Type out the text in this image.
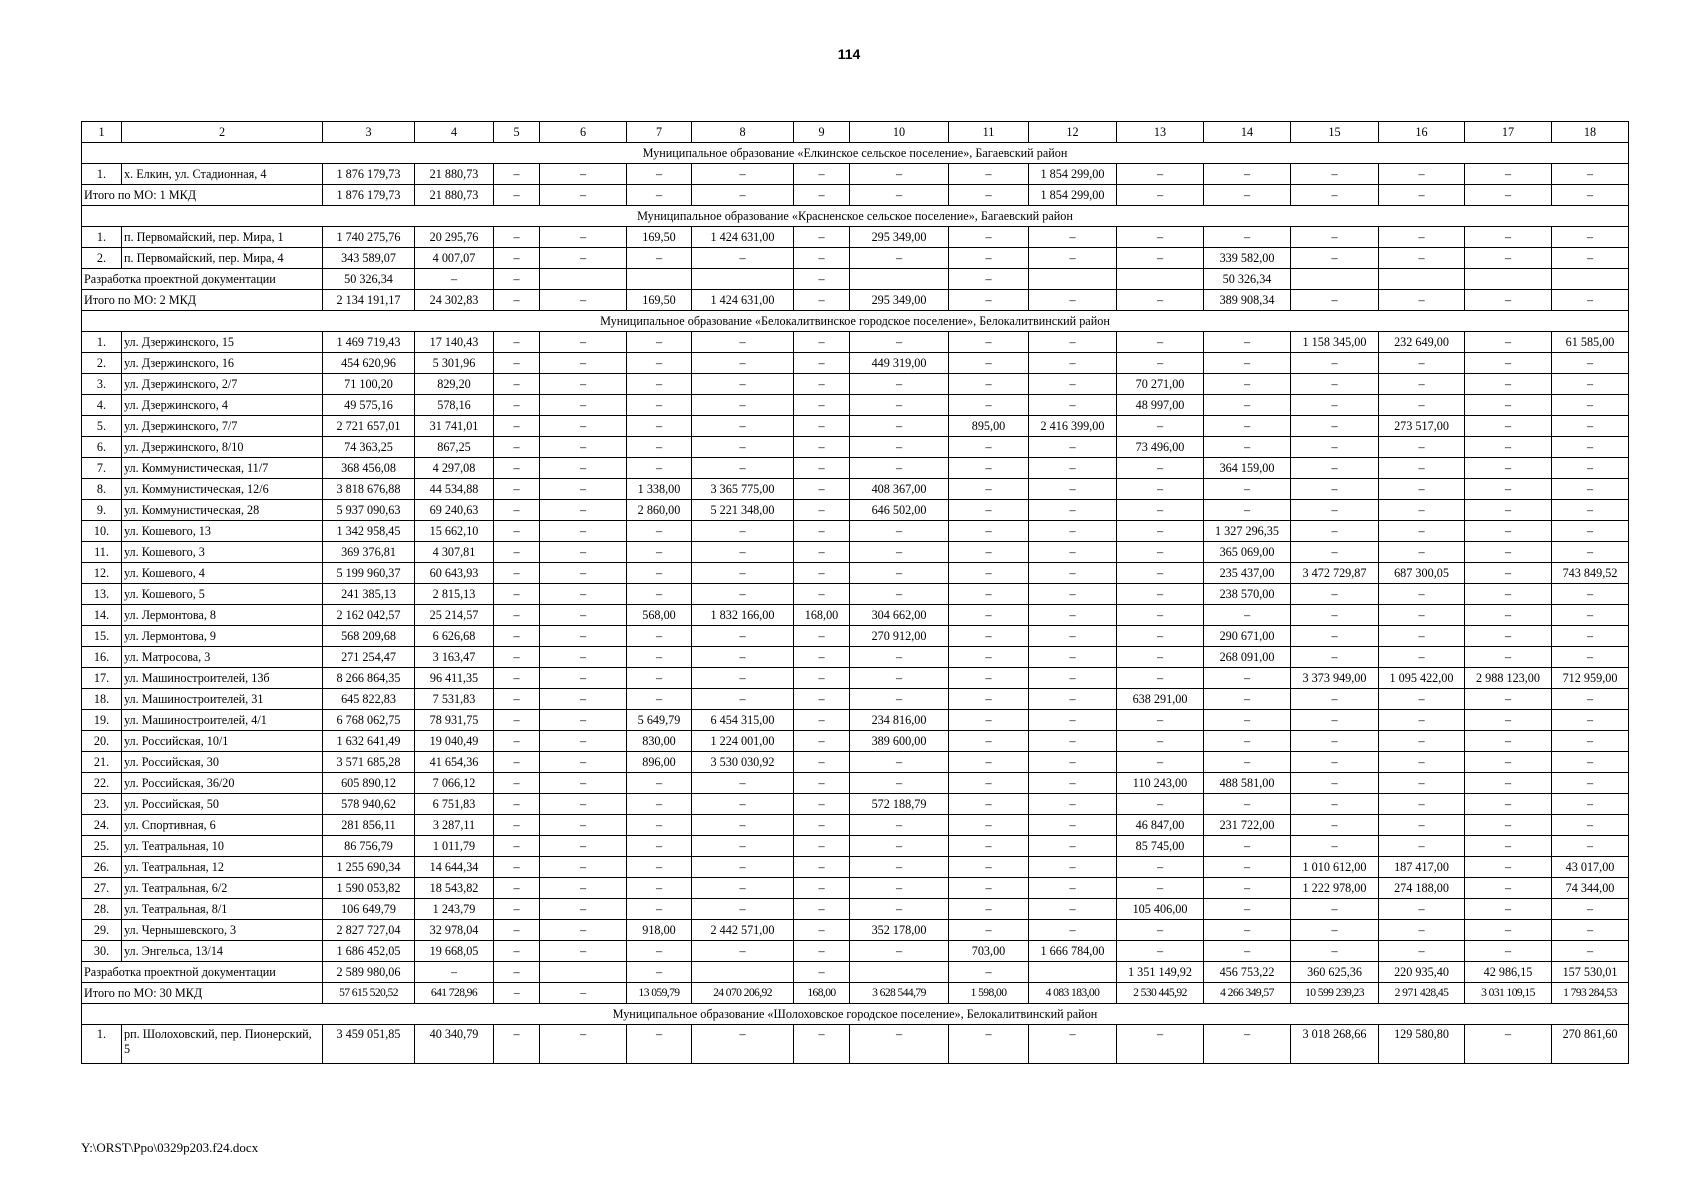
114
1	2	3	4	5	6	7	8	9	10	11	12	13	14	15	16	17	18
Муниципальное образование «Елкинское сельское поселение», Багаевский район																	
1.	х. Елкин, ул. Стадионная, 4	1 876 179,73	21 880,73	–	–	–	–	–	–	–	1 854 299,00	–	–	–	–	–	–
Итого по МО: 1 МКД		1 876 179,73	21 880,73	–	–	–	–	–	–	–	1 854 299,00	–	–	–	–	–	–
Муниципальное образование «Красненское сельское поселение», Багаевский район																	
1.	п. Первомайский, пер. Мира, 1	1 740 275,76	20 295,76	–	–	169,50	1 424 631,00	–	295 349,00	–	–	–	–	–	–	–	–
2.	п. Первомайский, пер. Мира, 4	343 589,07	4 007,07	–	–	–	–	–	–	–	–	–	339 582,00	–	–	–	–
Разработка проектной документации		50 326,34	–	–				–		–			50 326,34				
Итого по МО: 2 МКД		2 134 191,17	24 302,83	–	–	169,50	1 424 631,00	–	295 349,00	–	–	–	389 908,34	–	–	–	–
Муниципальное образование «Белокалитвинское городское поселение», Белокалитвинский район																	
1.	ул. Дзержинского, 15	1 469 719,43	17 140,43	–	–	–	–	–	–	–	–	–	–	1 158 345,00	232 649,00	–	61 585,00
2.	ул. Дзержинского, 16	454 620,96	5 301,96	–	–	–	–	–	449 319,00	–	–	–	–	–	–	–	–
3.	ул. Дзержинского, 2/7	71 100,20	829,20	–	–	–	–	–	–	–	–	70 271,00	–	–	–	–	–
4.	ул. Дзержинского, 4	49 575,16	578,16	–	–	–	–	–	–	–	–	48 997,00	–	–	–	–	–
5.	ул. Дзержинского, 7/7	2 721 657,01	31 741,01	–	–	–	–	–	–	895,00	2 416 399,00	–	–	–	273 517,00	–	–
6.	ул. Дзержинского, 8/10	74 363,25	867,25	–	–	–	–	–	–	–	–	73 496,00	–	–	–	–	–
7.	ул. Коммунистическая, 11/7	368 456,08	4 297,08	–	–	–	–	–	–	–	–	–	364 159,00	–	–	–	–
8.	ул. Коммунистическая, 12/6	3 818 676,88	44 534,88	–	–	1 338,00	3 365 775,00	–	408 367,00	–	–	–	–	–	–	–	–
9.	ул. Коммунистическая, 28	5 937 090,63	69 240,63	–	–	2 860,00	5 221 348,00	–	646 502,00	–	–	–	–	–	–	–	–
10.	ул. Кошевого, 13	1 342 958,45	15 662,10	–	–	–	–	–	–	–	–	–	1 327 296,35	–	–	–	–
11.	ул. Кошевого, 3	369 376,81	4 307,81	–	–	–	–	–	–	–	–	–	365 069,00	–	–	–	–
12.	ул. Кошевого, 4	5 199 960,37	60 643,93	–	–	–	–	–	–	–	–	–	235 437,00	3 472 729,87	687 300,05	–	743 849,52
13.	ул. Кошевого, 5	241 385,13	2 815,13	–	–	–	–	–	–	–	–	–	238 570,00	–	–	–	–
14.	ул. Лермонтова, 8	2 162 042,57	25 214,57	–	–	568,00	1 832 166,00	168,00	304 662,00	–	–	–	–	–	–	–	–
15.	ул. Лермонтова, 9	568 209,68	6 626,68	–	–	–	–	–	270 912,00	–	–	–	290 671,00	–	–	–	–
16.	ул. Матросова, 3	271 254,47	3 163,47	–	–	–	–	–	–	–	–	–	268 091,00	–	–	–	–
17.	ул. Машиностроителей, 13б	8 266 864,35	96 411,35	–	–	–	–	–	–	–	–	–	–	3 373 949,00	1 095 422,00	2 988 123,00	712 959,00
18.	ул. Машиностроителей, 31	645 822,83	7 531,83	–	–	–	–	–	–	–	–	638 291,00	–	–	–	–	–
19.	ул. Машиностроителей, 4/1	6 768 062,75	78 931,75	–	–	5 649,79	6 454 315,00	–	234 816,00	–	–	–	–	–	–	–	–
20.	ул. Российская, 10/1	1 632 641,49	19 040,49	–	–	830,00	1 224 001,00	–	389 600,00	–	–	–	–	–	–	–	–
21.	ул. Российская, 30	3 571 685,28	41 654,36	–	–	896,00	3 530 030,92	–	–	–	–	–	–	–	–	–	–
22.	ул. Российская, 36/20	605 890,12	7 066,12	–	–	–	–	–	–	–	–	110 243,00	488 581,00	–	–	–	–
23.	ул. Российская, 50	578 940,62	6 751,83	–	–	–	–	–	572 188,79	–	–	–	–	–	–	–	–
24.	ул. Спортивная, 6	281 856,11	3 287,11	–	–	–	–	–	–	–	–	46 847,00	231 722,00	–	–	–	–
25.	ул. Театральная, 10	86 756,79	1 011,79	–	–	–	–	–	–	–	–	85 745,00	–	–	–	–	–
26.	ул. Театральная, 12	1 255 690,34	14 644,34	–	–	–	–	–	–	–	–	–	–	1 010 612,00	187 417,00	–	43 017,00
27.	ул. Театральная, 6/2	1 590 053,82	18 543,82	–	–	–	–	–	–	–	–	–	–	1 222 978,00	274 188,00	–	74 344,00
28.	ул. Театральная, 8/1	106 649,79	1 243,79	–	–	–	–	–	–	–	–	105 406,00	–	–	–	–	–
29.	ул. Чернышевского, 3	2 827 727,04	32 978,04	–	–	918,00	2 442 571,00	–	352 178,00	–	–	–	–	–	–	–	–
30.	ул. Энгельса, 13/14	1 686 452,05	19 668,05	–	–	–	–	–	–	703,00	1 666 784,00	–	–	–	–	–	–
Разработка проектной документации		2 589 980,06	–	–		–		–		–		1 351 149,92	456 753,22	360 625,36	220 935,40	42 986,15	157 530,01
Итого по МО: 30 МКД		57 615 520,52	641 728,96	–	–	13 059,79	24 070 206,92	168,00	3 628 544,79	1 598,00	4 083 183,00	2 530 445,92	4 266 349,57	10 599 239,23	2 971 428,45	3 031 109,15	1 793 284,53
Муниципальное образование «Шолоховское городское поселение», Белокалитвинский район																	
1.	рп. Шолоховский, пер. Пионерский, 5	3 459 051,85	40 340,79	–	–	–	–	–	–	–	–	–	–	3 018 268,66	129 580,80	–	270 861,60
Y:\ORST\Ppo\0329p203.f24.docx
